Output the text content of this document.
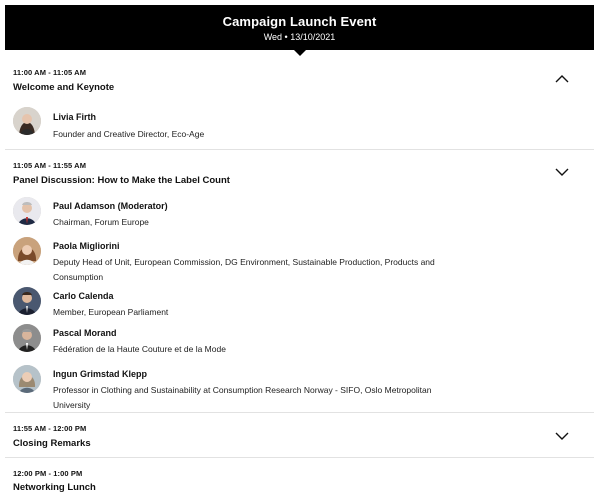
Campaign Launch Event
Wed • 13/10/2021
11:00 AM - 11:05 AM
Welcome and Keynote
Livia Firth
Founder and Creative Director, Eco-Age
11:05 AM - 11:55 AM
Panel Discussion: How to Make the Label Count
Paul Adamson (Moderator)
Chairman, Forum Europe
Paola Migliorini
Deputy Head of Unit, European Commission, DG Environment, Sustainable Production, Products and Consumption
Carlo Calenda
Member, European Parliament
Pascal Morand
Fédération de la Haute Couture et de la Mode
Ingun Grimstad Klepp
Professor in Clothing and Sustainability at Consumption Research Norway - SIFO, Oslo Metropolitan University
11:55 AM - 12:00 PM
Closing Remarks
12:00 PM - 1:00 PM
Networking Lunch
